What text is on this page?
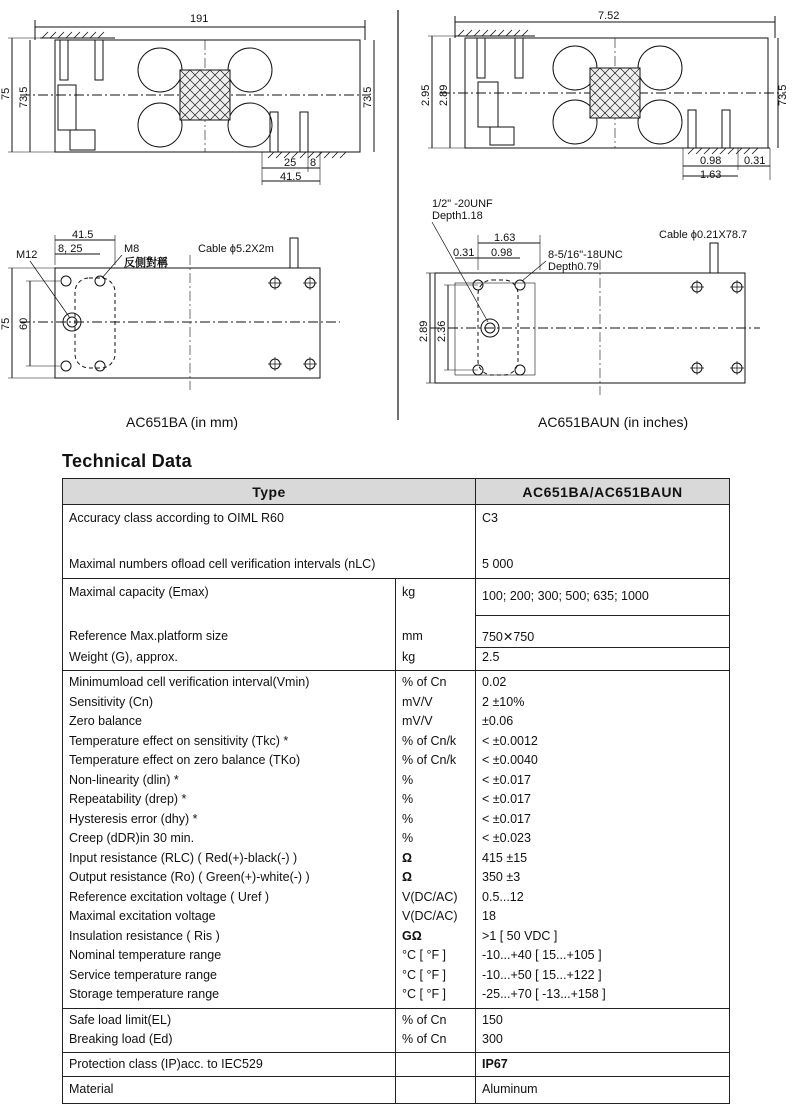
191
75 73.5	73.5
25 8
41.5
41.5
8, 25
M12	M8
反側對稱
Cable ϕ5.2X2m
75 60
7.52
2.95 2.89	73.5
0.98 0.31
1.63
1/2" -20UNF
Depth1.18
1.63
0.31 0.98	8-5/16"-18UNC
Depth0.79
Cable ϕ0.21X78.7
2.89 2.36
AC651BA (in mm)	AC651BAUN (in inches)
Technical Data
Type		AC651BA/AC651BAUN
Accuracy class according to OIML R60		C3
Maximal numbers ofload cell verification intervals (nLC)		5 000
Maximal capacity (Emax)	kg	100; 200; 300; 500; 635; 1000
Reference Max.platform size	mm	750✕750
Weight (G), approx.	kg	2.5
Minimumload cell verification interval(Vmin)	% of Cn	0.02
Sensitivity (Cn)	mV/V	2 ±10%
Zero balance	mV/V	±0.06
Temperature effect on sensitivity (Tkc) *	% of Cn/k	< ±0.0012
Temperature effect on zero balance (TKo)	% of Cn/k	< ±0.0040
Non-linearity (dlin) *	%	< ±0.017
Repeatability (drep) *	%	< ±0.017
Hysteresis error (dhy) *	%	< ±0.017
Creep (dDR)in 30 min.	%	< ±0.023
Input resistance (RLC) ( Red(+)-black(-) )	Ω	415 ±15
Output resistance (Ro) ( Green(+)-white(-) )	Ω	350 ±3
Reference excitation voltage ( Uref )	V(DC/AC)	0.5...12
Maximal excitation voltage	V(DC/AC)	18
Insulation resistance ( Ris )	GΩ	>1 [ 50 VDC ]
Nominal temperature range	°C [ °F ]	-10...+40 [ 15...+105 ]
Service temperature range	°C [ °F ]	-10...+50 [ 15...+122 ]
Storage temperature range	°C [ °F ]	-25...+70 [ -13...+158 ]
Safe load limit(EL)	% of Cn	150
Breaking load (Ed)	% of Cn	300
Protection class (IP)acc. to IEC529		IP67
Material		Aluminum
